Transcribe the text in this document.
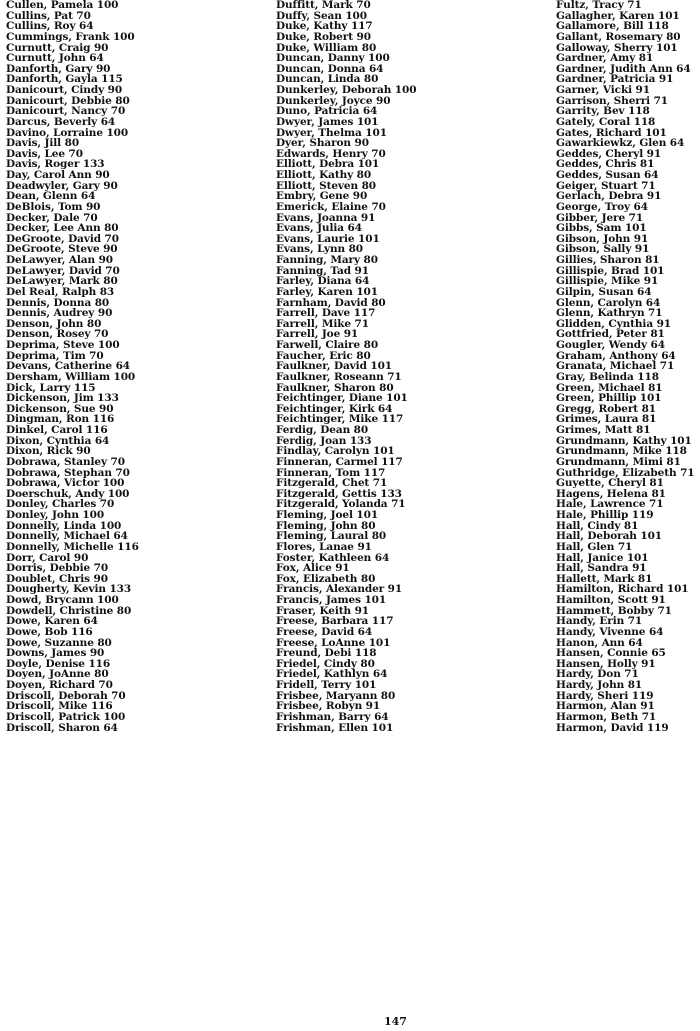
Cullen, Pamela 100
Cullins, Pat 70
Cullins, Roy 64
Cummings, Frank 100
Curnutt, Craig 90
Curnutt, John 64
Danforth, Gary 90
Danforth, Gayla 115
Danicourt, Cindy 90
Danicourt, Debbie 80
Danicourt, Nancy 70
Darcus, Beverly 64
Davino, Lorraine 100
Davis, Jill 80
Davis, Lee 70
Davis, Roger 133
Day, Carol Ann 90
Deadwyler, Gary 90
Dean, Glenn 64
DeBlois, Tom 90
Decker, Dale 70
Decker, Lee Ann 80
DeGroote, David 70
DeGroote, Steve 90
DeLawyer, Alan 90
DeLawyer, David 70
DeLawyer, Mark 80
Del Real, Ralph 83
Dennis, Donna 80
Dennis, Audrey 90
Denson, John 80
Denson, Rosey 70
Deprima, Steve 100
Deprima, Tim 70
Devans, Catherine 64
Dersham, William 100
Dick, Larry 115
Dickenson, Jim 133
Dickenson, Sue 90
Dingman, Ron 116
Dinkel, Carol 116
Dixon, Cynthia 64
Dixon, Rick 90
Dobrawa, Stanley 70
Dobrawa, Stephan 70
Dobrawa, Victor 100
Doerschuk, Andy 100
Donley, Charles 70
Donley, John 100
Donnelly, Linda 100
Donnelly, Michael 64
Donnelly, Michelle 116
Dorr, Carol 90
Dorris, Debbie 70
Doublet, Chris 90
Dougherty, Kevin 133
Dowd, Brycann 100
Dowdell, Christine 80
Dowe, Karen 64
Dowe, Bob 116
Dowe, Suzanne 80
Downs, James 90
Doyle, Denise 116
Doyen, JoAnne 80
Doyen, Richard 70
Driscoll, Deborah 70
Driscoll, Mike 116
Driscoll, Patrick 100
Driscoll, Sharon 64
Duffitt, Mark 70
Duffy, Sean 100
Duke, Kathy 117
Duke, Robert 90
Duke, William 80
Duncan, Danny 100
Duncan, Donna 64
Duncan, Linda 80
Dunkerley, Deborah 100
Dunkerley, Joyce 90
Duno, Patricia 64
Dwyer, James 101
Dwyer, Thelma 101
Dyer, Sharon 90
Edwards, Henry 70
Elliott, Debra 101
Elliott, Kathy 80
Elliott, Steven 80
Embry, Gene 90
Emerick, Elaine 70
Evans, Joanna 91
Evans, Julia 64
Evans, Laurie 101
Evans, Lynn 80
Fanning, Mary 80
Fanning, Tad 91
Farley, Diana 64
Farley, Karen 101
Farnham, David 80
Farrell, Dave 117
Farrell, Mike 71
Farrell, Joe 91
Farwell, Claire 80
Faucher, Eric 80
Faulkner, David 101
Faulkner, Roseann 71
Faulkner, Sharon 80
Feichtinger, Diane 101
Feichtinger, Kirk 64
Feichtinger, Mike 117
Ferdig, Dean 80
Ferdig, Joan 133
Findlay, Carolyn 101
Finneran, Carmel 117
Finneran, Tom 117
Fitzgerald, Chet 71
Fitzgerald, Gettis 133
Fitzgerald, Yolanda 71
Fleming, Joel 101
Fleming, John 80
Fleming, Laural 80
Flores, Lanae 91
Foster, Kathleen 64
Fox, Alice 91
Fox, Elizabeth 80
Francis, Alexander 91
Francis, James 101
Fraser, Keith 91
Freese, Barbara 117
Freese, David 64
Freese, LoAnne 101
Freund, Debi 118
Friedel, Cindy 80
Friedel, Kathlyn 64
Fridell, Terry 101
Frisbee, Maryann 80
Frisbee, Robyn 91
Frishman, Barry 64
Frishman, Ellen 101
Fultz, Tracy 71
Gallagher, Karen 101
Gallamore, Bill 118
Gallant, Rosemary 80
Galloway, Sherry 101
Gardner, Amy 81
Gardner, Judith Ann 64
Gardner, Patricia 91
Garner, Vicki 91
Garrison, Sherri 71
Garrity, Bev 118
Gately, Coral 118
Gates, Richard 101
Gawarkiewkz, Glen 64
Geddes, Cheryl 91
Geddes, Chris 81
Geddes, Susan 64
Geiger, Stuart 71
Gerlach, Debra 91
George, Troy 64
Gibber, Jere 71
Gibbs, Sam 101
Gibson, John 91
Gibson, Sally 91
Gillies, Sharon 81
Gillispie, Brad 101
Gillispie, Mike 91
Gilpin, Susan 64
Glenn, Carolyn 64
Glenn, Kathryn 71
Glidden, Cynthia 91
Gottfried, Peter 81
Gougler, Wendy 64
Graham, Anthony 64
Granata, Michael 71
Gray, Belinda 118
Green, Michael 81
Green, Phillip 101
Gregg, Robert 81
Grimes, Laura 81
Grimes, Matt 81
Grundmann, Kathy 101
Grundmann, Mike 118
Grundmann, Mimi 81
Guthridge, Elizabeth 71
Guyette, Cheryl 81
Hagens, Helena 81
Hale, Lawrence 71
Hale, Phillip 119
Hall, Cindy 81
Hall, Deborah 101
Hall, Glen 71
Hall, Janice 101
Hall, Sandra 91
Hallett, Mark 81
Hamilton, Richard 101
Hamilton, Scott 91
Hammett, Bobby 71
Handy, Erin 71
Handy, Vivenne 64
Hanon, Ann 64
Hansen, Connie 65
Hansen, Holly 91
Hardy, Don 71
Hardy, John 81
Hardy, Sheri 119
Harmon, Alan 91
Harmon, Beth 71
Harmon, David 119
147
